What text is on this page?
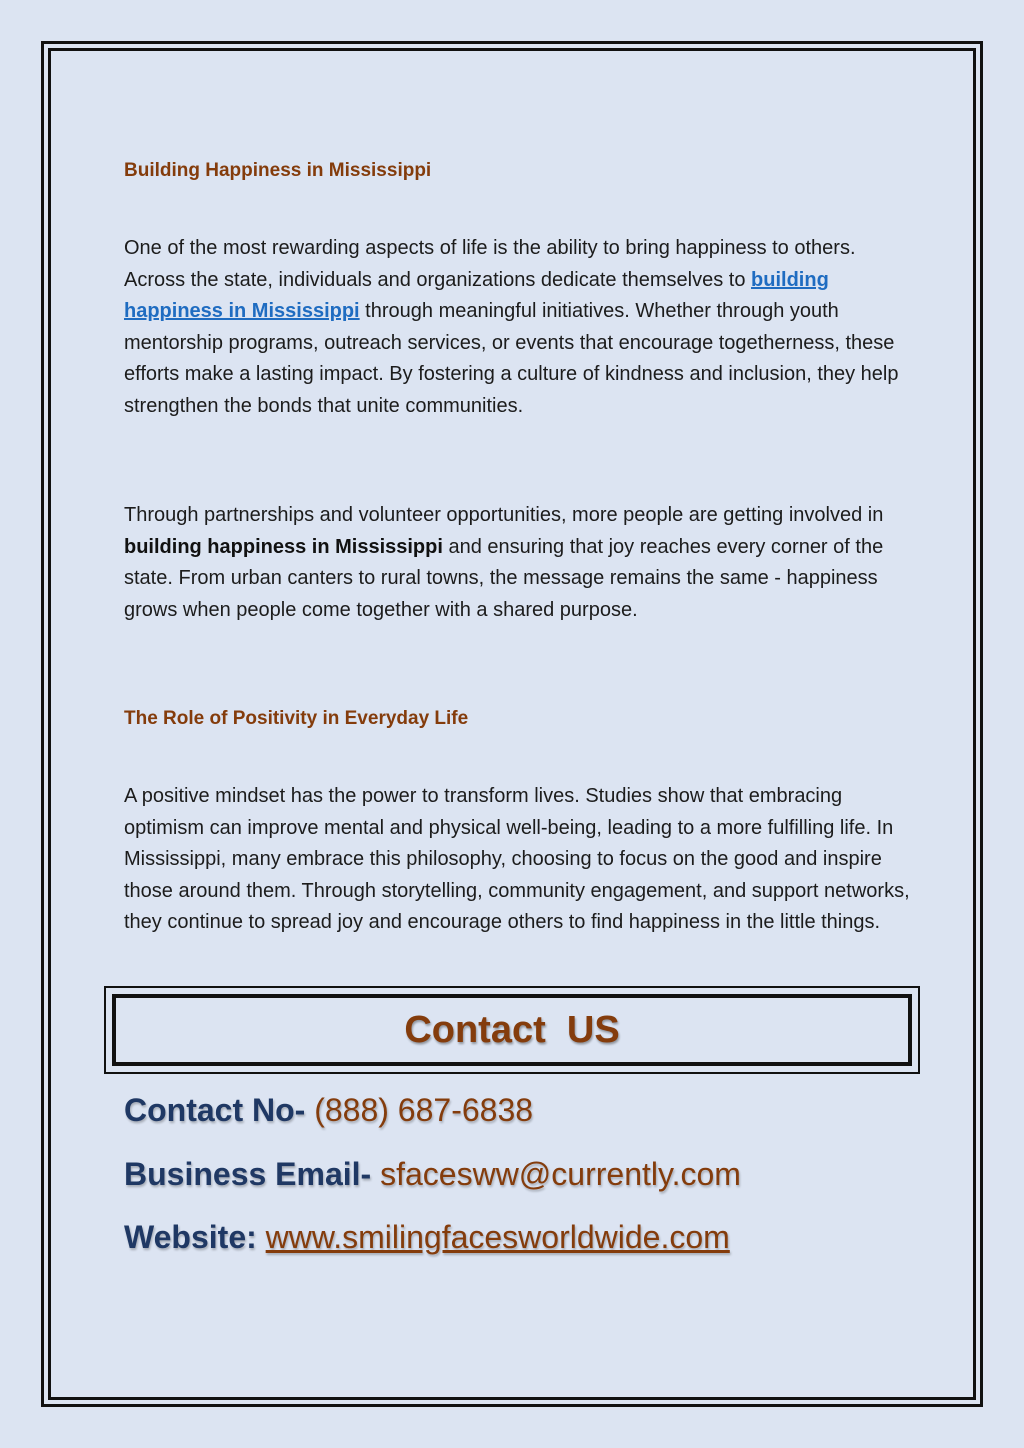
Building Happiness in Mississippi

One of the most rewarding aspects of life is the ability to bring happiness to others. Across the state, individuals and organizations dedicate themselves to building happiness in Mississippi through meaningful initiatives. Whether through youth mentorship programs, outreach services, or events that encourage togetherness, these efforts make a lasting impact. By fostering a culture of kindness and inclusion, they help strengthen the bonds that unite communities.

Through partnerships and volunteer opportunities, more people are getting involved in building happiness in Mississippi and ensuring that joy reaches every corner of the state. From urban canters to rural towns, the message remains the same - happiness grows when people come together with a shared purpose.

The Role of Positivity in Everyday Life

A positive mindset has the power to transform lives. Studies show that embracing optimism can improve mental and physical well-being, leading to a more fulfilling life. In Mississippi, many embrace this philosophy, choosing to focus on the good and inspire those around them. Through storytelling, community engagement, and support networks, they continue to spread joy and encourage others to find happiness in the little things.

Contact  US
Contact No- (888) 687-6838
Business Email- sfacesww@currently.com
Website: www.smilingfacesworldwide.com
